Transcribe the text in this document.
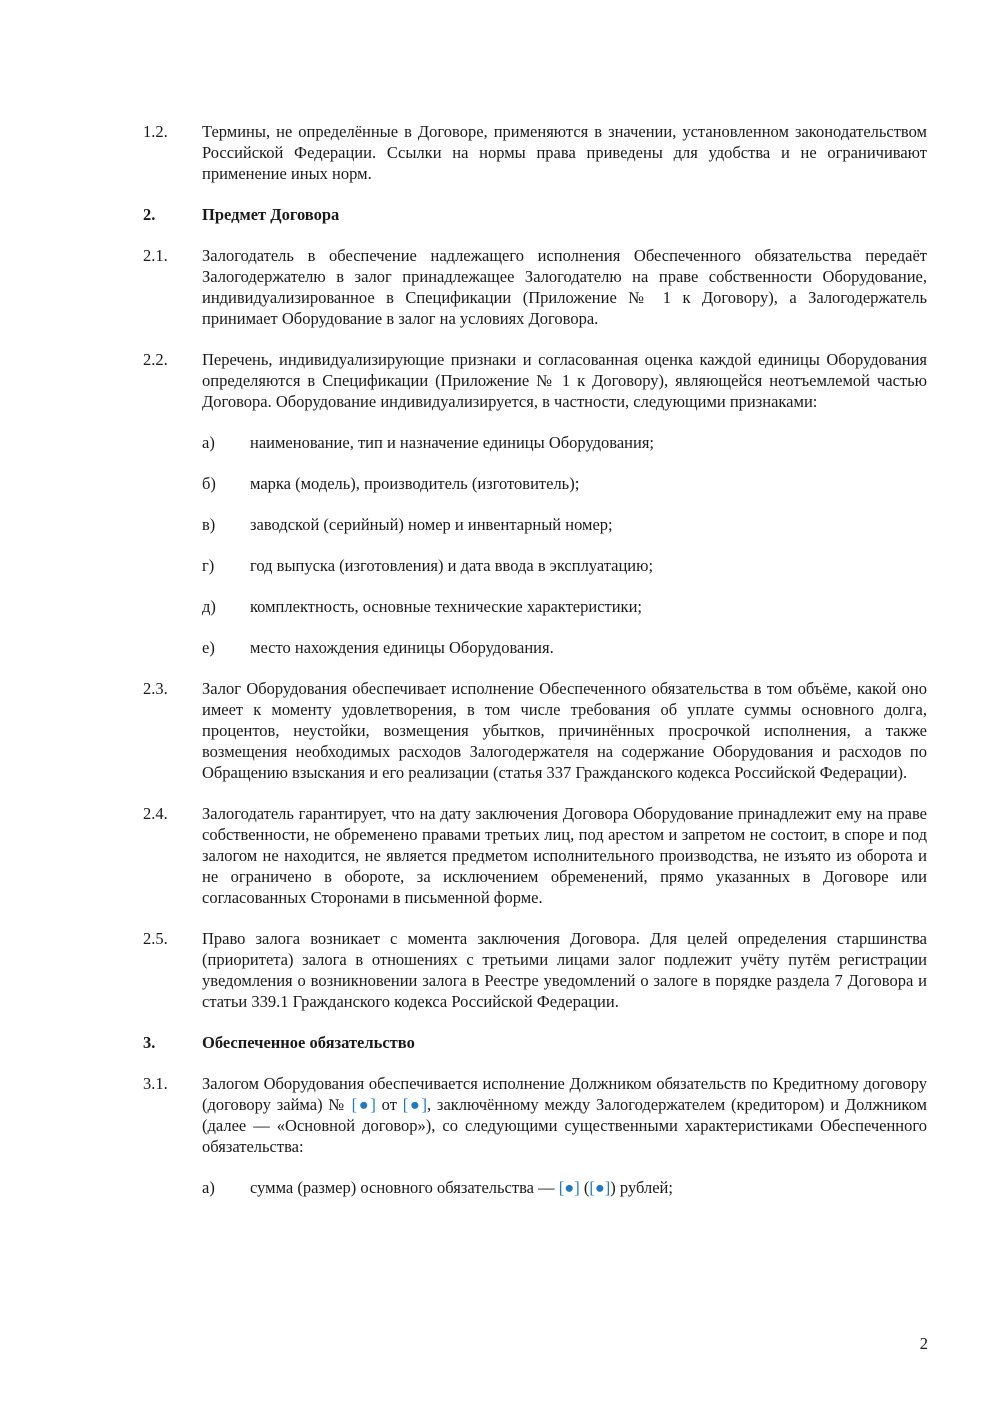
1.2.	Термины, не определённые в Договоре, применяются в значении, установленном законодательством Российской Федерации. Ссылки на нормы права приведены для удобства и не ограничивают применение иных норм.
2.	Предмет Договора
2.1.	Залогодатель в обеспечение надлежащего исполнения Обеспеченного обязательства передаёт Залогодержателю в залог принадлежащее Залогодателю на праве собственности Оборудование, индивидуализированное в Спецификации (Приложение № 1 к Договору), а Залогодержатель принимает Оборудование в залог на условиях Договора.
2.2.	Перечень, индивидуализирующие признаки и согласованная оценка каждой единицы Оборудования определяются в Спецификации (Приложение № 1 к Договору), являющейся неотъемлемой частью Договора. Оборудование индивидуализируется, в частности, следующими признаками:
а)	наименование, тип и назначение единицы Оборудования;
б)	марка (модель), производитель (изготовитель);
в)	заводской (серийный) номер и инвентарный номер;
г)	год выпуска (изготовления) и дата ввода в эксплуатацию;
д)	комплектность, основные технические характеристики;
е)	место нахождения единицы Оборудования.
2.3.	Залог Оборудования обеспечивает исполнение Обеспеченного обязательства в том объёме, какой оно имеет к моменту удовлетворения, в том числе требования об уплате суммы основного долга, процентов, неустойки, возмещения убытков, причинённых просрочкой исполнения, а также возмещения необходимых расходов Залогодержателя на содержание Оборудования и расходов по Обращению взыскания и его реализации (статья 337 Гражданского кодекса Российской Федерации).
2.4.	Залогодатель гарантирует, что на дату заключения Договора Оборудование принадлежит ему на праве собственности, не обременено правами третьих лиц, под арестом и запретом не состоит, в споре и под залогом не находится, не является предметом исполнительного производства, не изъято из оборота и не ограничено в обороте, за исключением обременений, прямо указанных в Договоре или согласованных Сторонами в письменной форме.
2.5.	Право залога возникает с момента заключения Договора. Для целей определения старшинства (приоритета) залога в отношениях с третьими лицами залог подлежит учёту путём регистрации уведомления о возникновении залога в Реестре уведомлений о залоге в порядке раздела 7 Договора и статьи 339.1 Гражданского кодекса Российской Федерации.
3.	Обеспеченное обязательство
3.1.	Залогом Оборудования обеспечивается исполнение Должником обязательств по Кредитному договору (договору займа) № [●] от [●], заключённому между Залогодержателем (кредитором) и Должником (далее — «Основной договор»), со следующими существенными характеристиками Обеспеченного обязательства:
а)	сумма (размер) основного обязательства — [●] ([●]) рублей;
2
